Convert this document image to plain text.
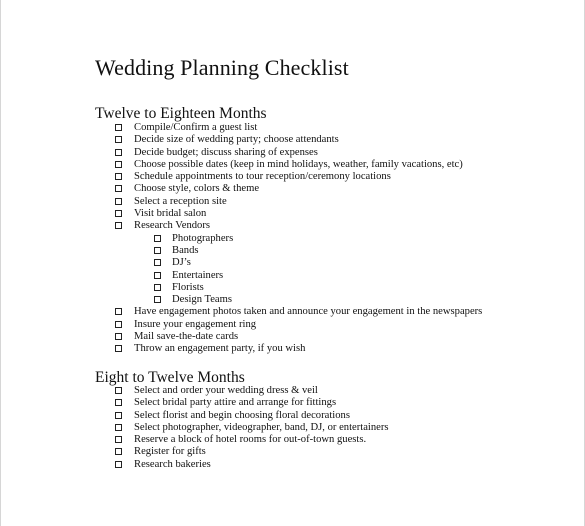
Wedding Planning Checklist
Twelve to Eighteen Months
Compile/Confirm a guest list
Decide size of wedding party; choose attendants
Decide budget; discuss sharing of expenses
Choose possible dates (keep in mind holidays, weather, family vacations, etc)
Schedule appointments to tour reception/ceremony locations
Choose style, colors & theme
Select a reception site
Visit bridal salon
Research Vendors
Photographers
Bands
DJ’s
Entertainers
Florists
Design Teams
Have engagement photos taken and announce your engagement in the newspapers
Insure your engagement ring
Mail save-the-date cards
Throw an engagement party, if you wish
Eight to Twelve Months
Select and order your wedding dress & veil
Select bridal party attire and arrange for fittings
Select florist and begin choosing floral decorations
Select photographer, videographer, band, DJ, or entertainers
Reserve a block of hotel rooms for out-of-town guests.
Register for gifts
Research bakeries
